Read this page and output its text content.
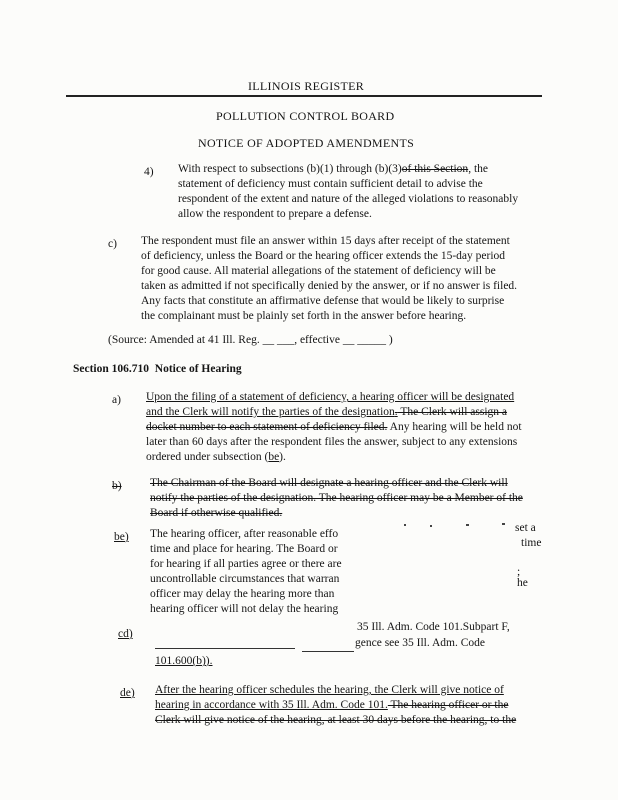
ILLINOIS REGISTER
POLLUTION CONTROL BOARD
NOTICE OF ADOPTED AMENDMENTS
4) With respect to subsections (b)(1) through (b)(3)of this Section, the
statement of deficiency must contain sufficient detail to advise the
respondent of the extent and nature of the alleged violations to reasonably
allow the respondent to prepare a defense.
c) The respondent must file an answer within 15 days after receipt of the statement
of deficiency, unless the Board or the hearing officer extends the 15-day period
for good cause. All material allegations of the statement of deficiency will be
taken as admitted if not specifically denied by the answer, or if no answer is filed.
Any facts that constitute an affirmative defense that would be likely to surprise
the complainant must be plainly set forth in the answer before hearing.
(Source: Amended at 41 Ill. Reg. __ ___, effective __ _____ )
Section 106.710 Notice of Hearing
a) Upon the filing of a statement of deficiency, a hearing officer will be designated
and the Clerk will notify the parties of the designation. The Clerk will assign a
docket number to each statement of deficiency filed. Any hearing will be held not
later than 60 days after the respondent files the answer, subject to any extensions
ordered under subsection (be).
b) The Chairman of the Board will designate a hearing officer and the Clerk will
notify the parties of the designation. The hearing officer may be a Member of the
Board if otherwise qualified.
be) The hearing officer, after reasonable effo
time and place for hearing. The Board or
for hearing if all parties agree or there are
uncontrollable circumstances that warran
officer may delay the hearing more than
hearing officer will not delay the hearing
set a
time
;
he
cd)
35 Ill. Adm. Code 101.Subpart F,
gence see 35 Ill. Adm. Code
101.600(b)).
de) After the hearing officer schedules the hearing, the Clerk will give notice of
hearing in accordance with 35 Ill. Adm. Code 101. The hearing officer or the
Clerk will give notice of the hearing, at least 30 days before the hearing, to the
